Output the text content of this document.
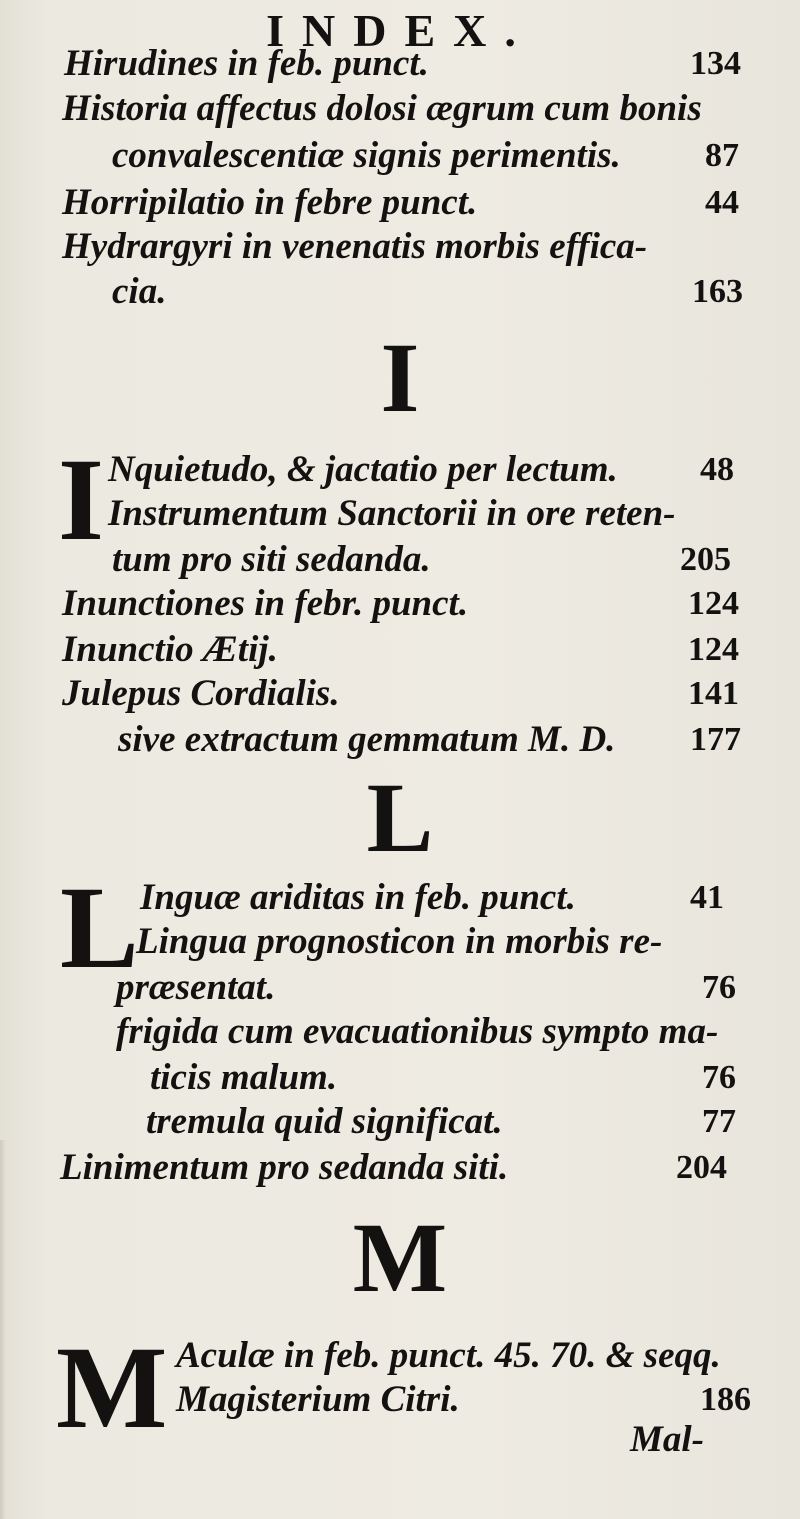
INDEX.
Hirudines in feb. punct.	134
Historia affectus dolosi ægrum cum bonis
convalescentiæ signis perimentis. 87
Horripilatio in febre punct.	44
Hydrargyri in venenatis morbis effica-
cia.	163
I
I Nquietudo, & jactatio per lectum. 48
Instrumentum Sanctorii in ore reten-
tum pro siti sedanda.	205
Inunctiones in febr. punct.	124
Inunctio Ætij.	124
Julepus Cordialis.	141
sive extractum gemmatum M. D. 177
L
L Inguæ ariditas in feb. punct.	41
Lingua prognosticon in morbis re-
præsentat.	76
frigida cum evacuationibus sympto ma-
ticis malum.	76
tremula quid significat.	77
Linimentum pro sedanda siti.	204
M
M Aculæ in feb. punct. 45. 70. & seqq.
Magisterium Citri.	186
Mal-
